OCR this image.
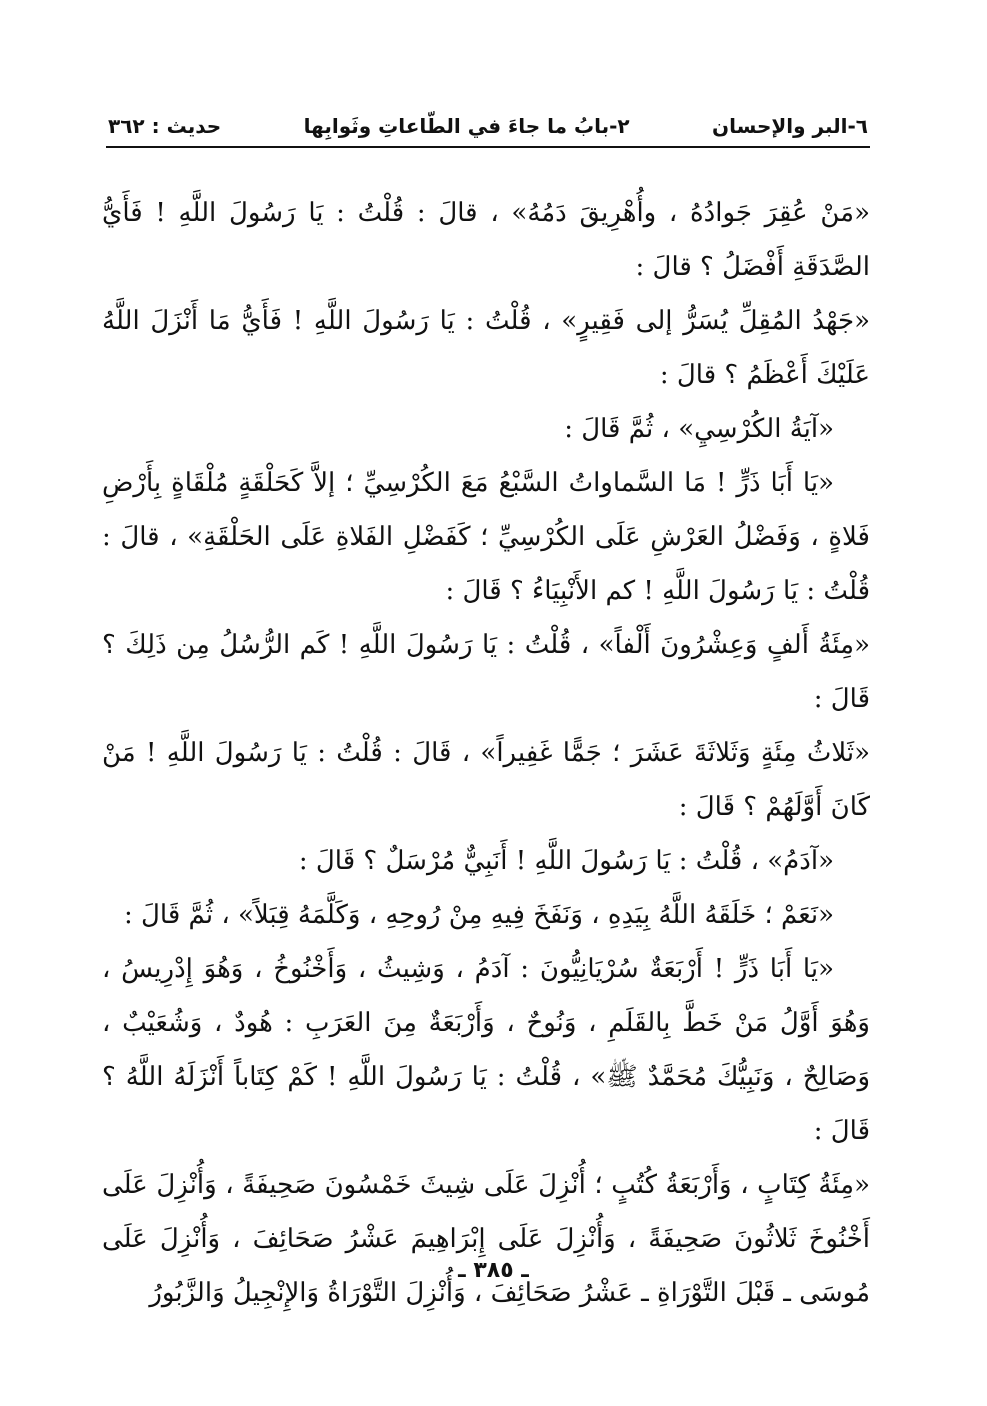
٦-البر والإحسان
٢-بابُ ما جاءَ في الطّاعاتِ وثَوابِها
حديث : ٣٦٢

«مَنْ عُقِرَ جَوادُهُ ، وأُهْرِيقَ دَمُهُ» ، قالَ : قُلْتُ : يَا رَسُولَ اللَّهِ ! فَأَيُّ الصَّدَقَةِ أَفْضَلُ ؟ قالَ :

«جَهْدُ المُقِلِّ يُسَرُّ إلى فَقِيرٍ» ، قُلْتُ : يَا رَسُولَ اللَّهِ ! فَأَيُّ مَا أَنْزَلَ اللَّهُ عَلَيْكَ أَعْظَمُ ؟ قالَ :

«آيَةُ الكُرْسِيِ» ، ثُمَّ قَالَ :

«يَا أَبَا ذَرٍّ ! مَا السَّماواتُ السَّبْعُ مَعَ الكُرْسِيِّ ؛ إلاَّ كَحَلْقَةٍ مُلْقَاةٍ بِأَرْضِ فَلاةٍ ، وَفَضْلُ العَرْشِ عَلَى الكُرْسِيِّ ؛ كَفَضْلِ الفَلاةِ عَلَى الحَلْقَةِ» ، قالَ : قُلْتُ : يَا رَسُولَ اللَّهِ ! كم الأَنْبِيَاءُ ؟ قَالَ :

«مِئَةُ أَلفٍ وَعِشْرُونَ أَلْفاً» ، قُلْتُ : يَا رَسُولَ اللَّهِ ! كَم الرُّسُلُ مِن ذَلِكَ ؟ قَالَ :

«ثَلاثُ مِئَةٍ وَثَلاثَةَ عَشَرَ ؛ جَمًّا غَفِيراً» ، قَالَ : قُلْتُ : يَا رَسُولَ اللَّهِ ! مَنْ كَانَ أَوَّلَهُمْ ؟ قَالَ :

«آدَمُ» ، قُلْتُ : يَا رَسُولَ اللَّهِ ! أَنَبِيٌّ مُرْسَلٌ ؟ قَالَ :

«نَعَمْ ؛ خَلَقَهُ اللَّهُ بِيَدِهِ ، وَنَفَخَ فِيهِ مِنْ رُوحِهِ ، وَكَلَّمَهُ قِبَلاً» ، ثُمَّ قَالَ :

«يَا أَبَا ذَرٍّ ! أَرْبَعَةٌ سُرْيَانِيُّونَ : آدَمُ ، وَشِيثُ ، وَأَخْنُوخُ ، وَهُوَ إِدْرِيسُ ، وَهُوَ أَوَّلُ مَنْ خَطَّ بِالقَلَمِ ، وَنُوحٌ ، وَأَرْبَعَةٌ مِنَ العَرَبِ : هُودٌ ، وَشُعَيْبٌ ، وَصَالِحٌ ، وَنَبِيُّكَ مُحَمَّدٌ ﷺ» ، قُلْتُ : يَا رَسُولَ اللَّهِ ! كَمْ كِتَاباً أَنْزَلَهُ اللَّهُ ؟ قَالَ :

«مِئَةُ كِتَابٍ ، وَأَرْبَعَةُ كُتُبٍ ؛ أُنْزِلَ عَلَى شِيثَ خَمْسُونَ صَحِيفَةً ، وَأُنْزِلَ عَلَى أَخْنُوخَ ثَلاثُونَ صَحِيفَةً ، وَأُنْزِلَ عَلَى إِبْرَاهِيمَ عَشْرُ صَحَائِفَ ، وَأُنْزِلَ عَلَى مُوسَى ـ قَبْلَ التَّوْرَاةِ ـ عَشْرُ صَحَائِفَ ، وَأُنْزِلَ التَّوْرَاةُ وَالإِنْجِيلُ وَالزَّبُورُ

ـ ٣٨٥ ـ
